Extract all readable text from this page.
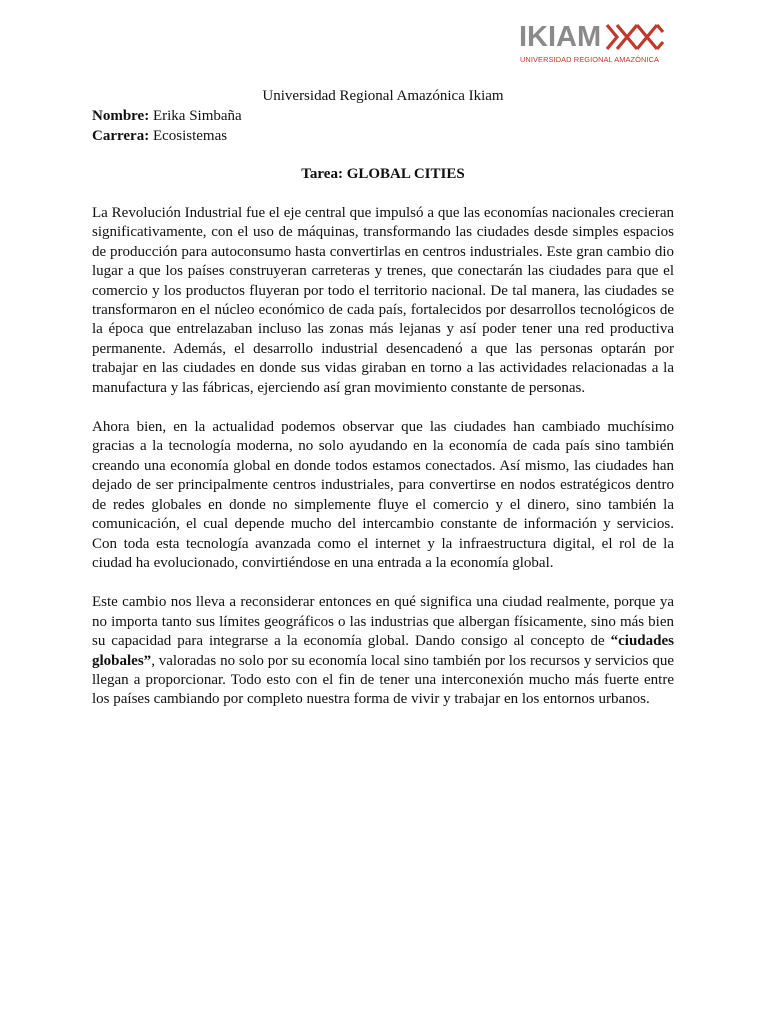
IKIAM
UNIVERSIDAD REGIONAL AMAZÓNICA

Universidad Regional Amazónica Ikiam

Nombre: Erika Simbaña

Carrera: Ecosistemas

Tarea: GLOBAL CITIES

La Revolución Industrial fue el eje central que impulsó a que las economías nacionales crecieran significativamente, con el uso de máquinas, transformando las ciudades desde simples espacios de producción para autoconsumo hasta convertirlas en centros industriales. Este gran cambio dio lugar a que los países construyeran carreteras y trenes, que conectarán las ciudades para que el comercio y los productos fluyeran por todo el territorio nacional. De tal manera, las ciudades se transformaron en el núcleo económico de cada país, fortalecidos por desarrollos tecnológicos de la época que entrelazaban incluso las zonas más lejanas y así poder tener una red productiva permanente. Además, el desarrollo industrial desencadenó a que las personas optarán por trabajar en las ciudades en donde sus vidas giraban en torno a las actividades relacionadas a la manufactura y las fábricas, ejerciendo así gran movimiento constante de personas.

Ahora bien, en la actualidad podemos observar que las ciudades han cambiado muchísimo gracias a la tecnología moderna, no solo ayudando en la economía de cada país sino también creando una economía global en donde todos estamos conectados. Así mismo, las ciudades han dejado de ser principalmente centros industriales, para convertirse en nodos estratégicos dentro de redes globales en donde no simplemente fluye el comercio y el dinero, sino también la comunicación, el cual depende mucho del intercambio constante de información y servicios. Con toda esta tecnología avanzada como el internet y la infraestructura digital, el rol de la ciudad ha evolucionado, convirtiéndose en una entrada a la economía global.

Este cambio nos lleva a reconsiderar entonces en qué significa una ciudad realmente, porque ya no importa tanto sus límites geográficos o las industrias que albergan físicamente, sino más bien su capacidad para integrarse a la economía global. Dando consigo al concepto de “ciudades globales”, valoradas no solo por su economía local sino también por los recursos y servicios que llegan a proporcionar. Todo esto con el fin de tener una interconexión mucho más fuerte entre los países cambiando por completo nuestra forma de vivir y trabajar en los entornos urbanos.
